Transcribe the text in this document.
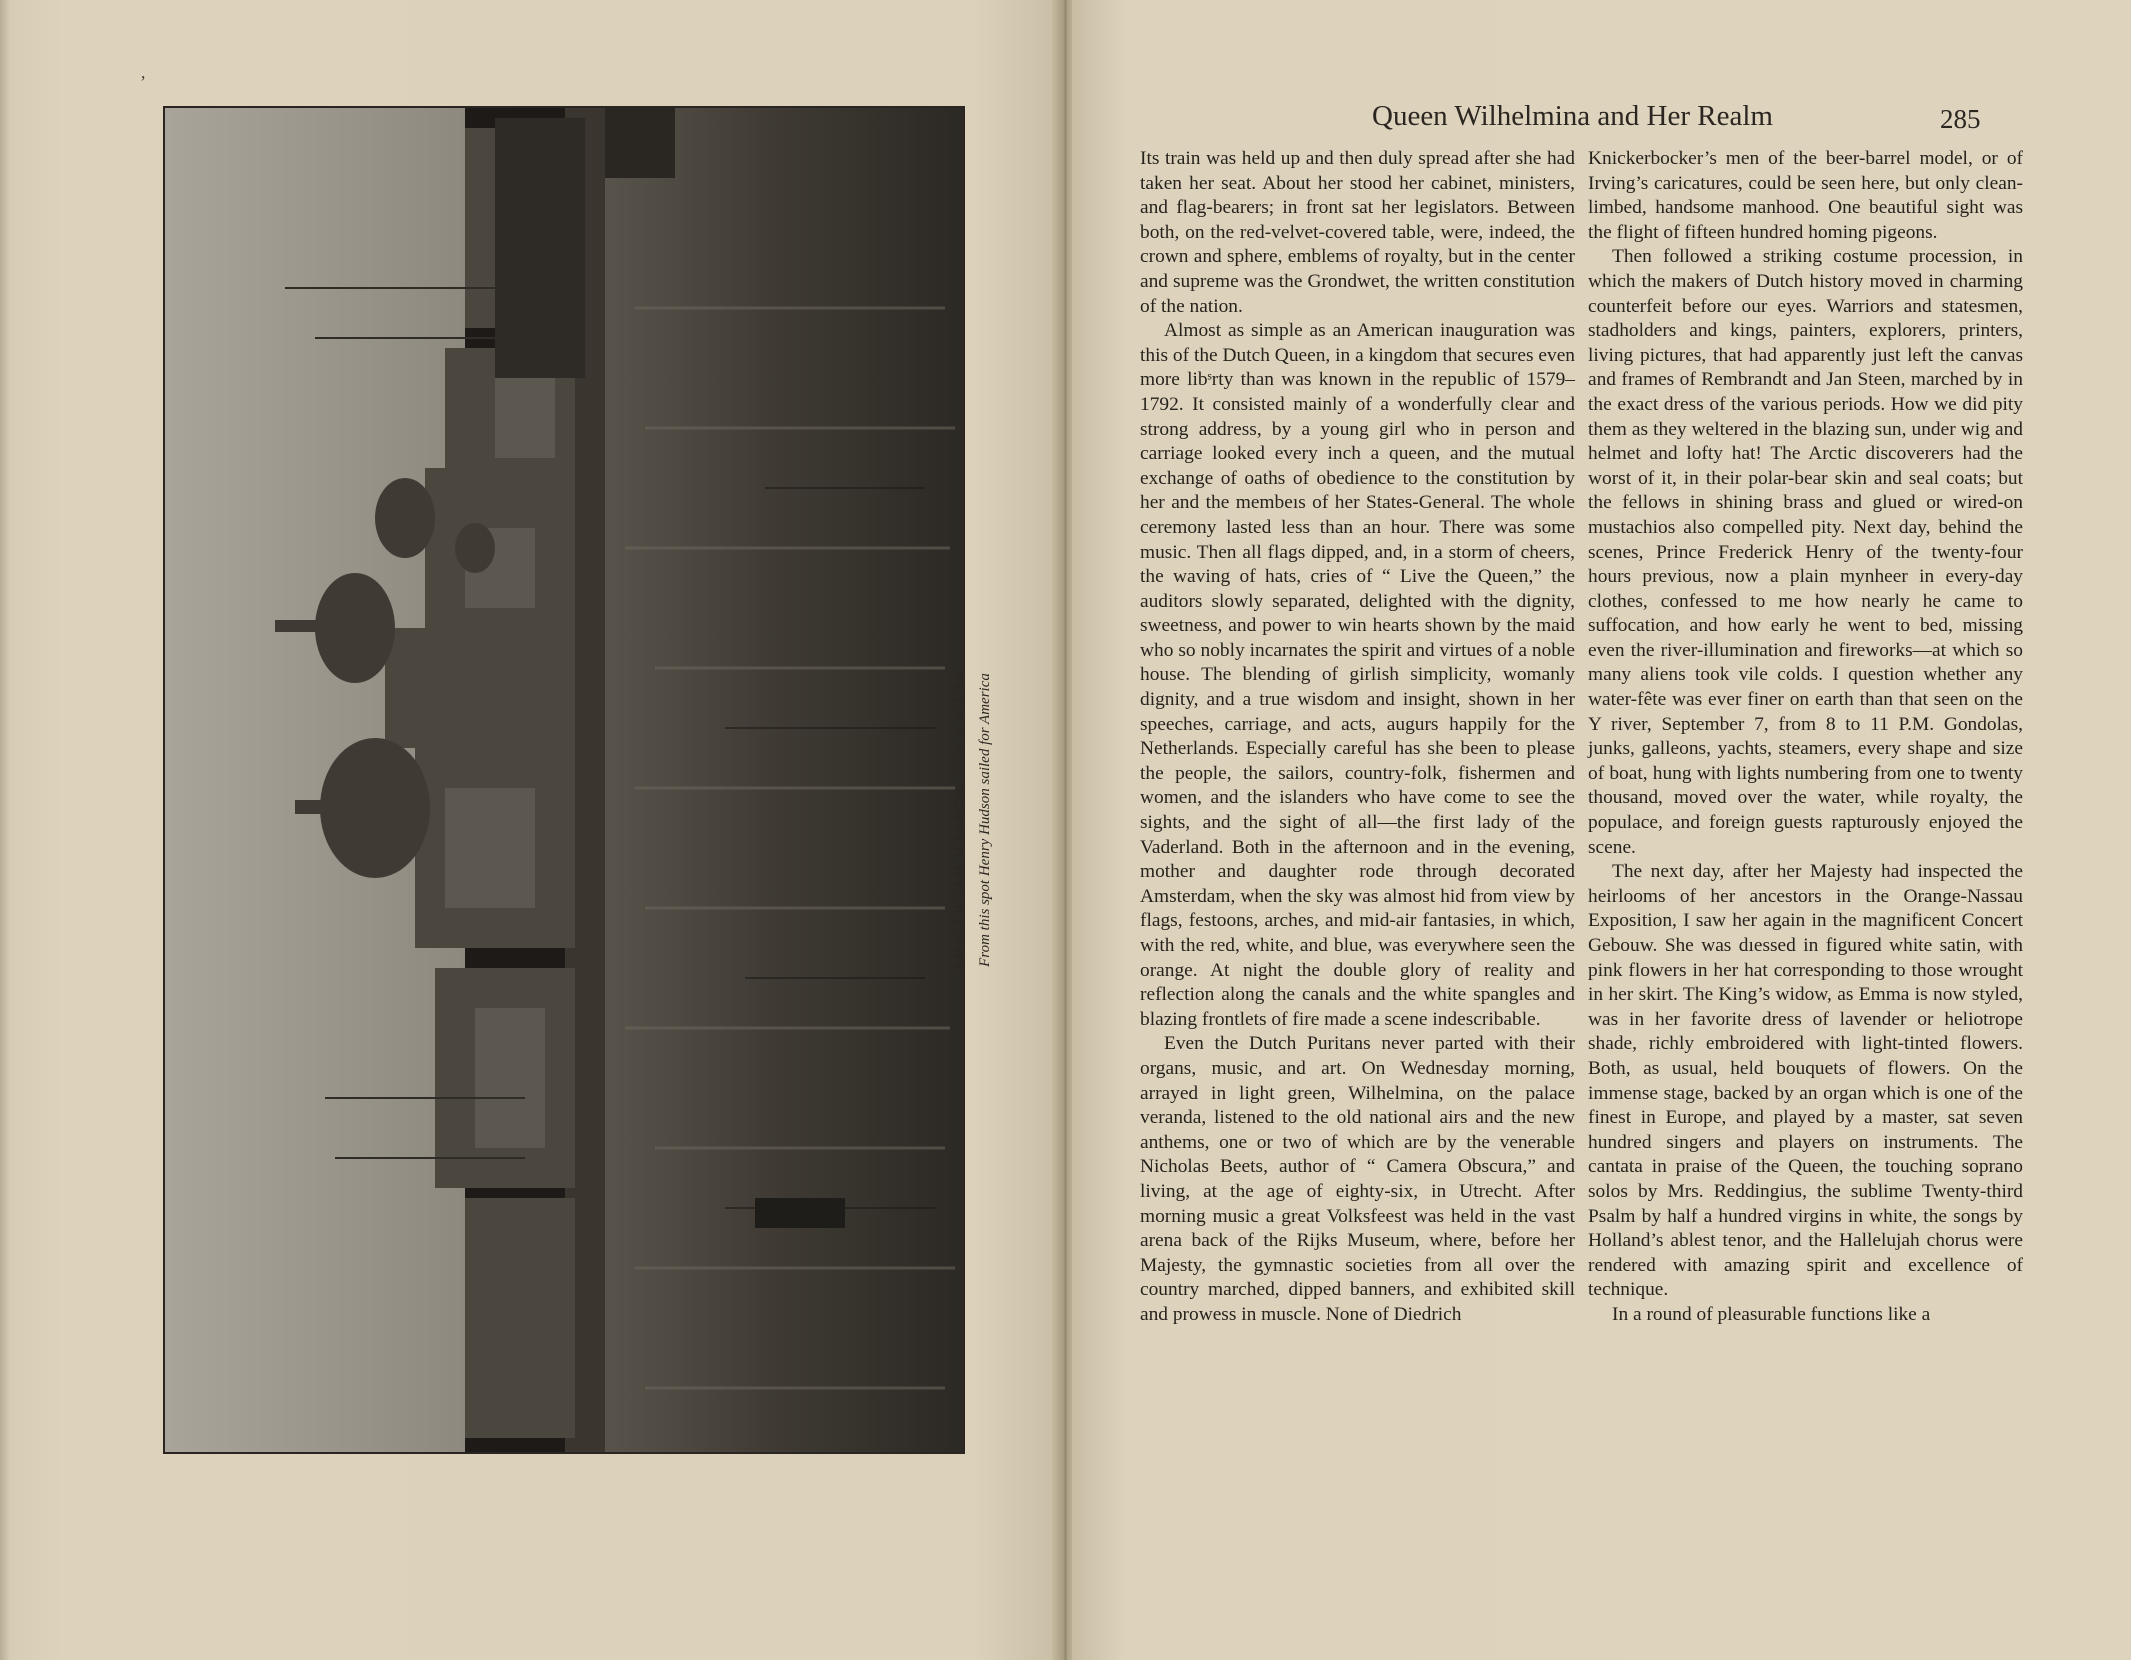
’
AMSTERDAM HARBOR. THE Y RIVER From this spot Henry Hudson sailed for America
Queen Wilhelmina and Her Realm	285

Its train was held up and then duly spread after she had taken her seat. About her stood her cabinet, ministers, and flag-bearers; in front sat her legislators. Between both, on the red-velvet-covered table, were, indeed, the crown and sphere, emblems of royalty, but in the center and supreme was the Grondwet, the written constitution of the nation.

Almost as simple as an American inauguration was this of the Dutch Queen, in a kingdom that secures even more libˢrty than was known in the republic of 1579–1792. It consisted mainly of a wonderfully clear and strong address, by a young girl who in person and carriage looked every inch a queen, and the mutual exchange of oaths of obedience to the constitution by her and the membeıs of her States-General. The whole ceremony lasted less than an hour. There was some music. Then all flags dipped, and, in a storm of cheers, the waving of hats, cries of “ Live the Queen,” the auditors slowly separated, delighted with the dignity, sweetness, and power to win hearts shown by the maid who so nobly incarnates the spirit and virtues of a noble house. The blending of girlish simplicity, womanly dignity, and a true wisdom and insight, shown in her speeches, carriage, and acts, augurs happily for the Netherlands. Especially careful has she been to please the people, the sailors, country-folk, fishermen and women, and the islanders who have come to see the sights, and the sight of all—the first lady of the Vaderland. Both in the afternoon and in the evening, mother and daughter rode through decorated Amsterdam, when the sky was almost hid from view by flags, festoons, arches, and mid-air fantasies, in which, with the red, white, and blue, was everywhere seen the orange. At night the double glory of reality and reflection along the canals and the white spangles and blazing frontlets of fire made a scene indescribable.

Even the Dutch Puritans never parted with their organs, music, and art. On Wednesday morning, arrayed in light green, Wilhelmina, on the palace veranda, listened to the old national airs and the new anthems, one or two of which are by the venerable Nicholas Beets, author of “ Camera Obscura,” and living, at the age of eighty-six, in Utrecht. After morning music a great Volksfeest was held in the vast arena back of the Rijks Museum, where, before her Majesty, the gymnastic societies from all over the country marched, dipped banners, and exhibited skill and prowess in muscle. None of Diedrich

Knickerbocker’s men of the beer-barrel model, or of Irving’s caricatures, could be seen here, but only clean-limbed, handsome manhood. One beautiful sight was the flight of fifteen hundred homing pigeons.

Then followed a striking costume procession, in which the makers of Dutch history moved in charming counterfeit before our eyes. Warriors and statesmen, stadholders and kings, painters, explorers, printers, living pictures, that had apparently just left the canvas and frames of Rembrandt and Jan Steen, marched by in the exact dress of the various periods. How we did pity them as they weltered in the blazing sun, under wig and helmet and lofty hat! The Arctic discoverers had the worst of it, in their polar-bear skin and seal coats; but the fellows in shining brass and glued or wired-on mustachios also compelled pity. Next day, behind the scenes, Prince Frederick Henry of the twenty-four hours previous, now a plain mynheer in every-day clothes, confessed to me how nearly he came to suffocation, and how early he went to bed, missing even the river-illumination and fireworks—at which so many aliens took vile colds. I question whether any water-fête was ever finer on earth than that seen on the Y river, September 7, from 8 to 11 P.M. Gondolas, junks, galleons, yachts, steamers, every shape and size of boat, hung with lights numbering from one to twenty thousand, moved over the water, while royalty, the populace, and foreign guests rapturously enjoyed the scene.

The next day, after her Majesty had inspected the heirlooms of her ancestors in the Orange-Nassau Exposition, I saw her again in the magnificent Concert Gebouw. She was dıessed in figured white satin, with pink flowers in her hat corresponding to those wrought in her skirt. The King’s widow, as Emma is now styled, was in her favorite dress of lavender or heliotrope shade, richly embroidered with light-tinted flowers. Both, as usual, held bouquets of flowers. On the immense stage, backed by an organ which is one of the finest in Europe, and played by a master, sat seven hundred singers and players on instruments. The cantata in praise of the Queen, the touching soprano solos by Mrs. Reddingius, the sublime Twenty-third Psalm by half a hundred virgins in white, the songs by Holland’s ablest tenor, and the Hallelujah chorus were rendered with amazing spirit and excellence of technique.

In a round of pleasurable functions like a
